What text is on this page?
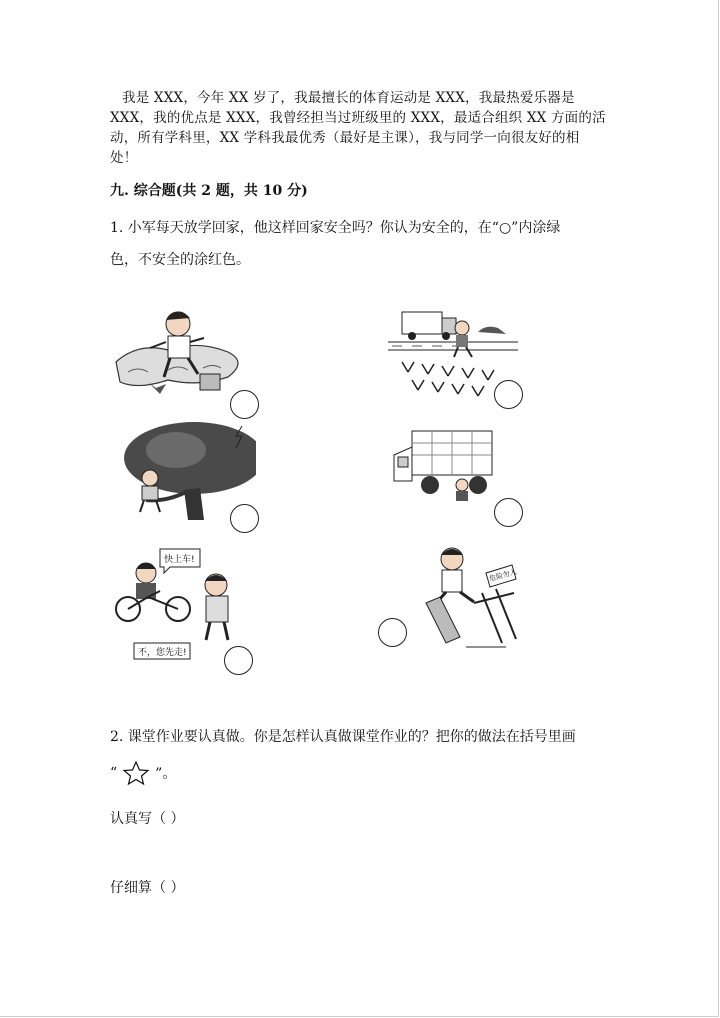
我是 XXX，今年 XX 岁了，我最擅长的体育运动是 XXX，我最热爱乐器是
XXX，我的优点是 XXX，我曾经担当过班级里的 XXX，最适合组织 XX 方面的活
动，所有学科里，XX 学科我最优秀（最好是主课），我与同学一向很友好的相
处！
九. 综合题(共 2 题，共 10 分)
1. 小军每天放学回家，他这样回家安全吗？你认为安全的，在“○”内涂绿
色，不安全的涂红色。
快上车!
不，您先走!
危险勿入
2. 课堂作业要认真做。你是怎样认真做课堂作业的？把你的做法在括号里画
“	”。
认真写（ ）
仔细算（ ）
